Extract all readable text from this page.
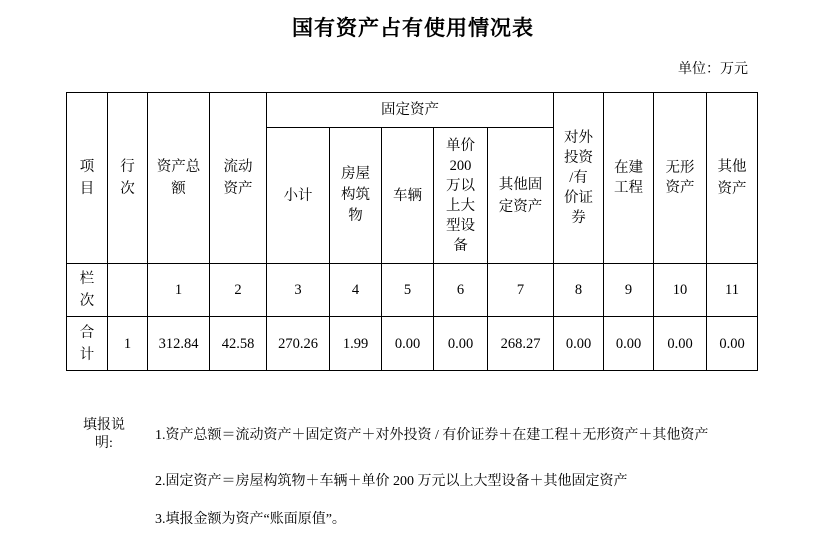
国有资产占有使用情况表
单位：万元
项目	行次	资产总额	流动资产	固定资产					对外投资/有价证券	在建工程	无形资产	其他资产
				小计	房屋构筑物	车辆	单价200万以上大型设备	其他固定资产				
栏次		1	2	3	4	5	6	7	8	9	10	11
合计	1	312.84	42.58	270.26	1.99	0.00	0.00	268.27	0.00	0.00	0.00	0.00
填报说明:
1.资产总额＝流动资产＋固定资产＋对外投资 / 有价证券＋在建工程＋无形资产＋其他资产
2.固定资产＝房屋构筑物＋车辆＋单价 200 万元以上大型设备＋其他固定资产
3.填报金额为资产“账面原值”。
